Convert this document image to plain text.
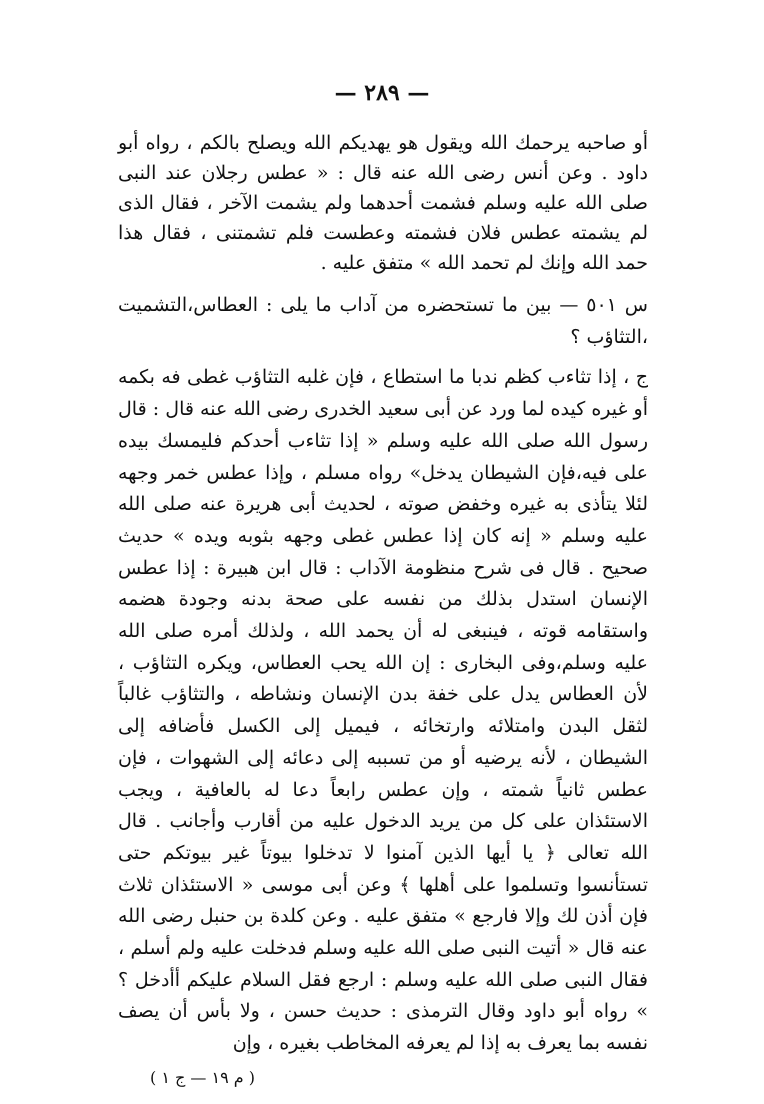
— ٢٨٩ —

أو صاحبه يرحمك الله ويقول هو يهديكم الله ويصلح بالكم ، رواه أبو داود . وعن أنس رضى الله عنه قال : « عطس رجلان عند النبى صلى الله عليه وسلم فشمت أحدهما ولم يشمت الآخر ، فقال الذى لم يشمته عطس فلان فشمته وعطست فلم تشمتنى ، فقال هذا حمد الله وإنك لم تحمد الله » متفق عليه .

س ٥٠١ — بين ما تستحضره من آداب ما يلى : العطاس،التشميت ،التثاؤب ؟

ج ، إذا تثاءب كظم ندبا ما استطاع ، فإن غلبه التثاؤب غطى فه بكمه أو غيره كيده لما ورد عن أبى سعيد الخدرى رضى الله عنه قال : قال رسول الله صلى الله عليه وسلم « إذا تثاءب أحدكم فليمسك بيده على فيه،فإن الشيطان يدخل» رواه مسلم ، وإذا عطس خمر وجهه لئلا يتأذى به غيره وخفض صوته ، لحديث أبى هريرة عنه صلى الله عليه وسلم « إنه كان إذا عطس غطى وجهه بثوبه ويده » حديث صحيح . قال فى شرح منظومة الآداب : قال ابن هبيرة : إذا عطس الإنسان استدل بذلك من نفسه على صحة بدنه وجودة هضمه واستقامه قوته ، فينبغى له أن يحمد الله ، ولذلك أمره صلى الله عليه وسلم،وفى البخارى : إن الله يحب العطاس، ويكره التثاؤب ، لأن العطاس يدل على خفة بدن الإنسان ونشاطه ، والتثاؤب غالباً لثقل البدن وامتلائه وارتخائه ، فيميل إلى الكسل فأضافه إلى الشيطان ، لأنه يرضيه أو من تسببه إلى دعائه إلى الشهوات ، فإن عطس ثانياً شمته ، وإن عطس رابعاً دعا له بالعافية ، ويجب الاستئذان على كل من يريد الدخول عليه من أقارب وأجانب . قال الله تعالى ﴿ يا أيها الذين آمنوا لا تدخلوا بيوتاً غير بيوتكم حتى تستأنسوا وتسلموا على أهلها ﴾ وعن أبى موسى « الاستئذان ثلاث فإن أذن لك وإلا فارجع » متفق عليه . وعن كلدة بن حنبل رضى الله عنه قال « أتيت النبى صلى الله عليه وسلم فدخلت عليه ولم أسلم ، فقال النبى صلى الله عليه وسلم : ارجع فقل السلام عليكم أأدخل ؟ » رواه أبو داود وقال الترمذى : حديث حسن ، ولا بأس أن يصف نفسه بما يعرف به إذا لم يعرفه المخاطب بغيره ، وإن

( م ١٩ — ج ١ )
